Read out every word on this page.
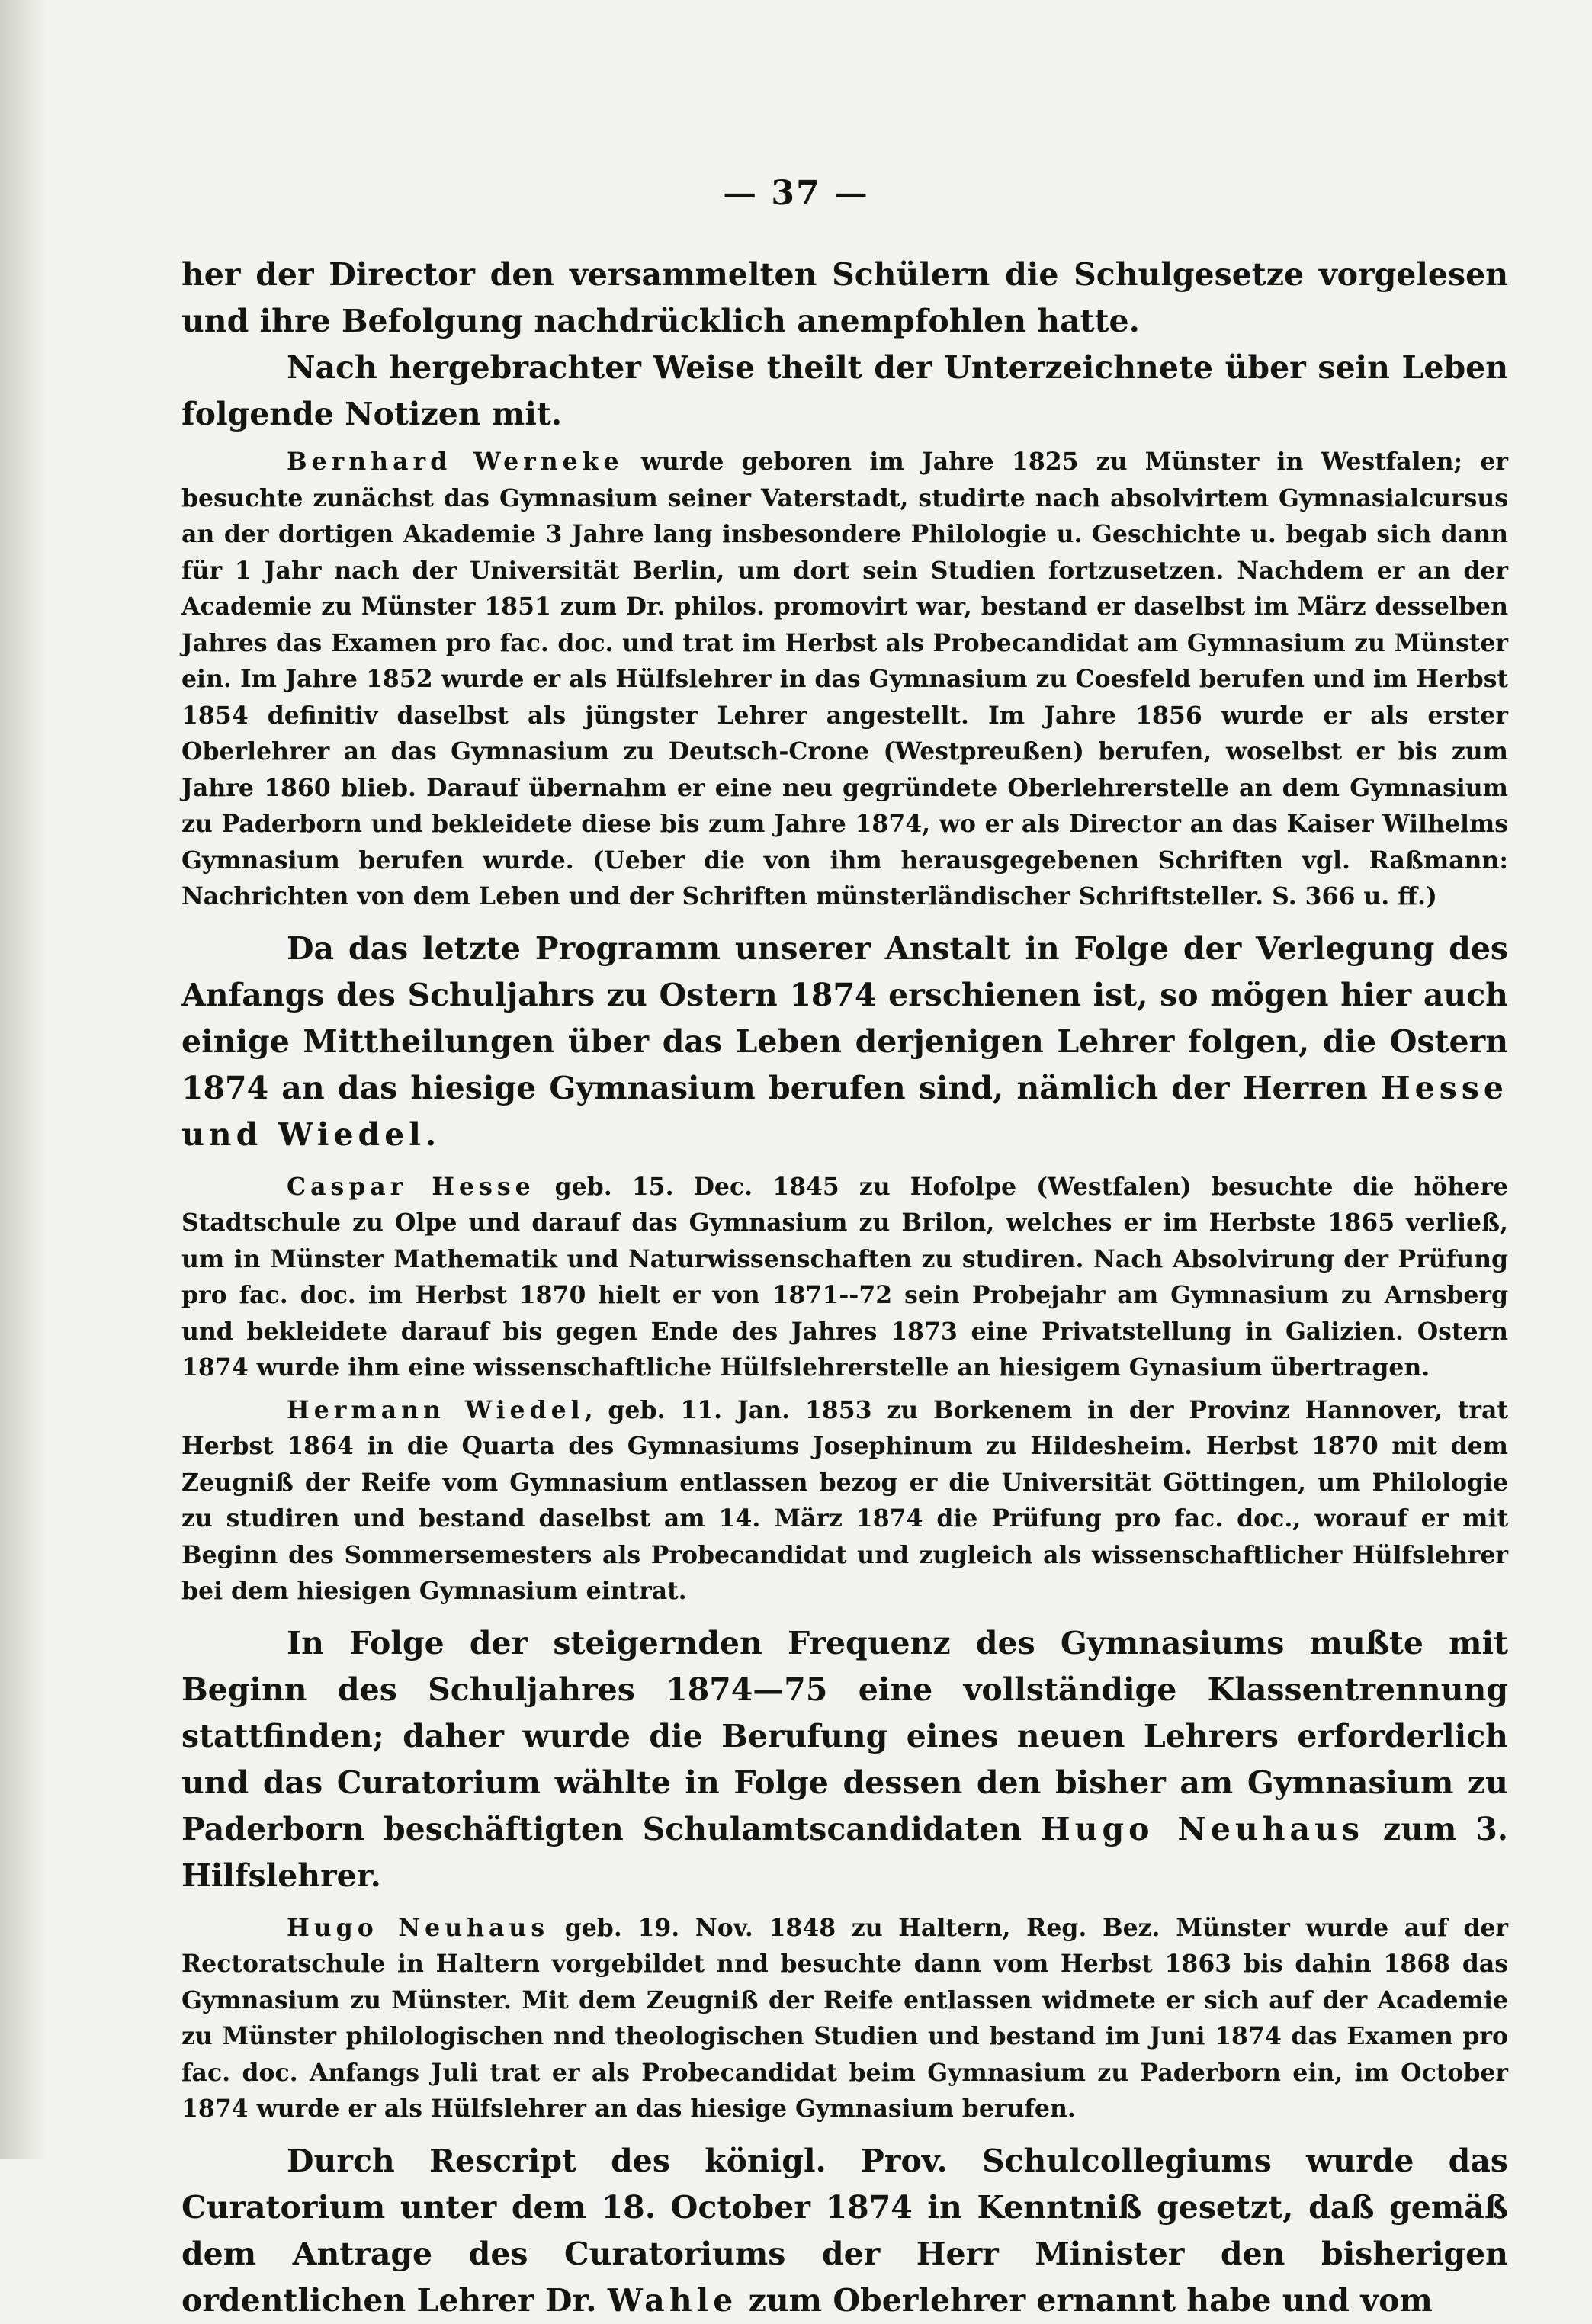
— 37 —

her der Director den versammelten Schülern die Schulgesetze vorgelesen und ihre Befolgung nachdrücklich anempfohlen hatte.

Nach hergebrachter Weise theilt der Unterzeichnete über sein Leben folgende Notizen mit.

Bernhard Werneke wurde geboren im Jahre 1825 zu Münster in Westfalen; er besuchte zunächst das Gymnasium seiner Vaterstadt, studirte nach absolvirtem Gymnasialcursus an der dortigen Akademie 3 Jahre lang insbesondere Philologie u. Geschichte u. begab sich dann für 1 Jahr nach der Universität Berlin, um dort sein Studien fortzusetzen. Nachdem er an der Academie zu Münster 1851 zum Dr. philos. promovirt war, bestand er daselbst im März desselben Jahres das Examen pro fac. doc. und trat im Herbst als Probecandidat am Gymnasium zu Münster ein. Im Jahre 1852 wurde er als Hülfslehrer in das Gymnasium zu Coesfeld berufen und im Herbst 1854 definitiv daselbst als jüngster Lehrer angestellt. Im Jahre 1856 wurde er als erster Oberlehrer an das Gymnasium zu Deutsch-Crone (Westpreußen) berufen, woselbst er bis zum Jahre 1860 blieb. Darauf übernahm er eine neu gegründete Oberlehrerstelle an dem Gymnasium zu Paderborn und bekleidete diese bis zum Jahre 1874, wo er als Director an das Kaiser Wilhelms Gymnasium berufen wurde. (Ueber die von ihm herausgegebenen Schriften vgl. Raßmann: Nachrichten von dem Leben und der Schriften münsterländischer Schriftsteller. S. 366 u. ff.)

Da das letzte Programm unserer Anstalt in Folge der Verlegung des Anfangs des Schuljahrs zu Ostern 1874 erschienen ist, so mögen hier auch einige Mittheilungen über das Leben derjenigen Lehrer folgen, die Ostern 1874 an das hiesige Gymnasium berufen sind, nämlich der Herren Hesse und Wiedel.

Caspar Hesse geb. 15. Dec. 1845 zu Hofolpe (Westfalen) besuchte die höhere Stadtschule zu Olpe und darauf das Gymnasium zu Brilon, welches er im Herbste 1865 verließ, um in Münster Mathematik und Naturwissenschaften zu studiren. Nach Absolvirung der Prüfung pro fac. doc. im Herbst 1870 hielt er von 1871--72 sein Probejahr am Gymnasium zu Arnsberg und bekleidete darauf bis gegen Ende des Jahres 1873 eine Privatstellung in Galizien. Ostern 1874 wurde ihm eine wissenschaftliche Hülfslehrerstelle an hiesigem Gynasium übertragen.

Hermann Wiedel, geb. 11. Jan. 1853 zu Borkenem in der Provinz Hannover, trat Herbst 1864 in die Quarta des Gymnasiums Josephinum zu Hildesheim. Herbst 1870 mit dem Zeugniß der Reife vom Gymnasium entlassen bezog er die Universität Göttingen, um Philologie zu studiren und bestand daselbst am 14. März 1874 die Prüfung pro fac. doc., worauf er mit Beginn des Sommersemesters als Probecandidat und zugleich als wissenschaftlicher Hülfslehrer bei dem hiesigen Gymnasium eintrat.

In Folge der steigernden Frequenz des Gymnasiums mußte mit Beginn des Schuljahres 1874—75 eine vollständige Klassentrennung stattfinden; daher wurde die Berufung eines neuen Lehrers erforderlich und das Curatorium wählte in Folge dessen den bisher am Gymnasium zu Paderborn beschäftigten Schulamtscandidaten Hugo Neuhaus zum 3. Hilfslehrer.

Hugo Neuhaus geb. 19. Nov. 1848 zu Haltern, Reg. Bez. Münster wurde auf der Rectoratschule in Haltern vorgebildet nnd besuchte dann vom Herbst 1863 bis dahin 1868 das Gymnasium zu Münster. Mit dem Zeugniß der Reife entlassen widmete er sich auf der Academie zu Münster philologischen nnd theologischen Studien und bestand im Juni 1874 das Examen pro fac. doc. Anfangs Juli trat er als Probecandidat beim Gymnasium zu Paderborn ein, im October 1874 wurde er als Hülfslehrer an das hiesige Gymnasium berufen.

Durch Rescript des königl. Prov. Schulcollegiums wurde das Curatorium unter dem 18. October 1874 in Kenntniß gesetzt, daß gemäß dem Antrage des Curatoriums der Herr Minister den bisherigen ordentlichen Lehrer Dr. Wahle zum Oberlehrer ernannt habe und vom
